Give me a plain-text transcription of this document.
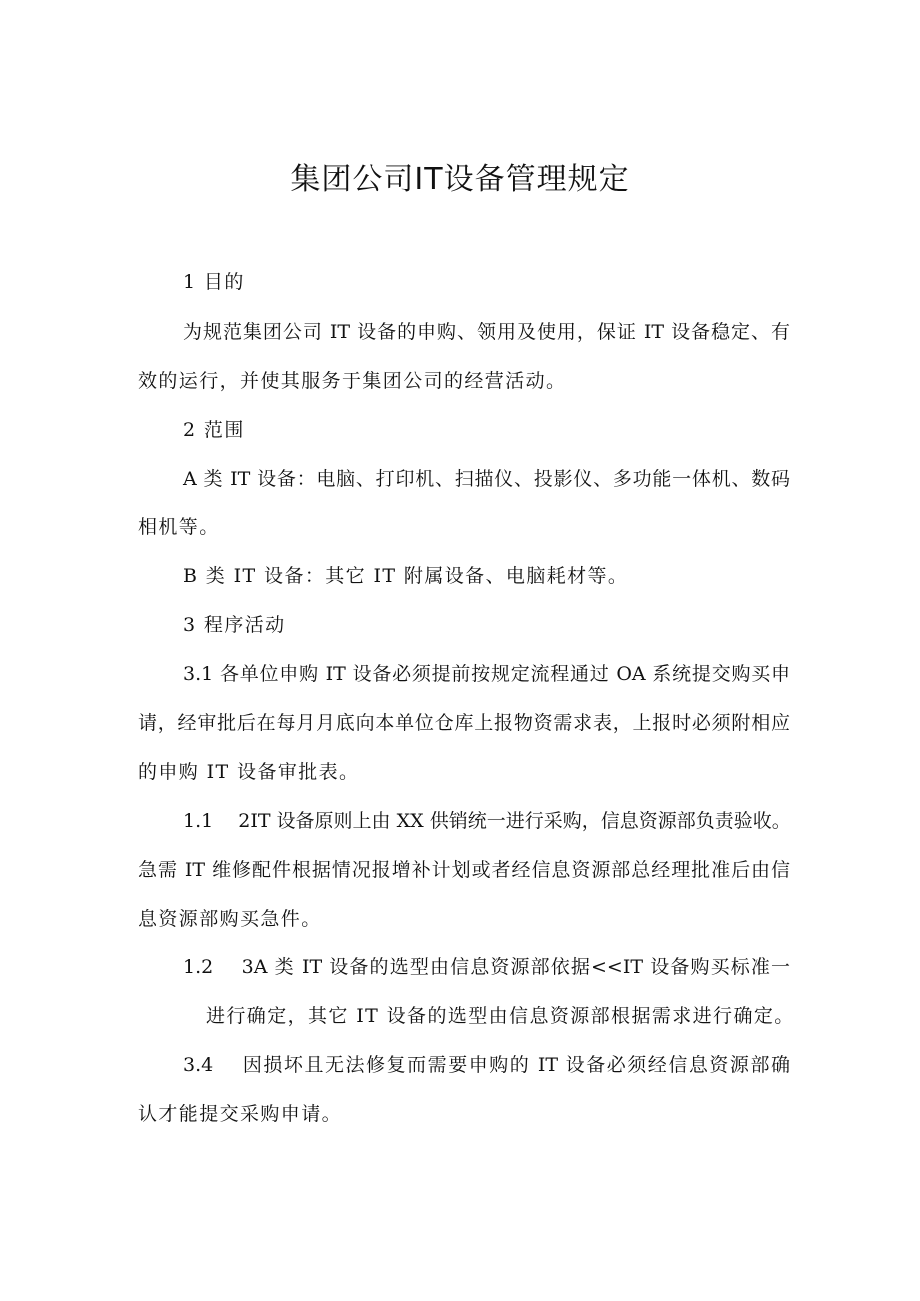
集团公司IT设备管理规定
1 目的
为规范集团公司 IT 设备的申购、领用及使用，保证 IT 设备稳定、有
效的运行，并使其服务于集团公司的经营活动。
2 范围
A 类 IT 设备：电脑、打印机、扫描仪、投影仪、多功能一体机、数码
相机等。
B 类 IT 设备：其它 IT 附属设备、电脑耗材等。
3 程序活动
3.1 各单位申购 IT 设备必须提前按规定流程通过 OA 系统提交购买申
请，经审批后在每月月底向本单位仓库上报物资需求表，上报时必须附相应
的申购 IT 设备审批表。
1.1　 2IT 设备原则上由 XX 供销统一进行采购，信息资源部负责验收。
急需 IT 维修配件根据情况报增补计划或者经信息资源部总经理批准后由信
息资源部购买急件。
1.2　 3A 类 IT 设备的选型由信息资源部依据<<IT 设备购买标准一
进行确定，其它 IT 设备的选型由信息资源部根据需求进行确定。
3.4　 因损坏且无法修复而需要申购的 IT 设备必须经信息资源部确
认才能提交采购申请。
